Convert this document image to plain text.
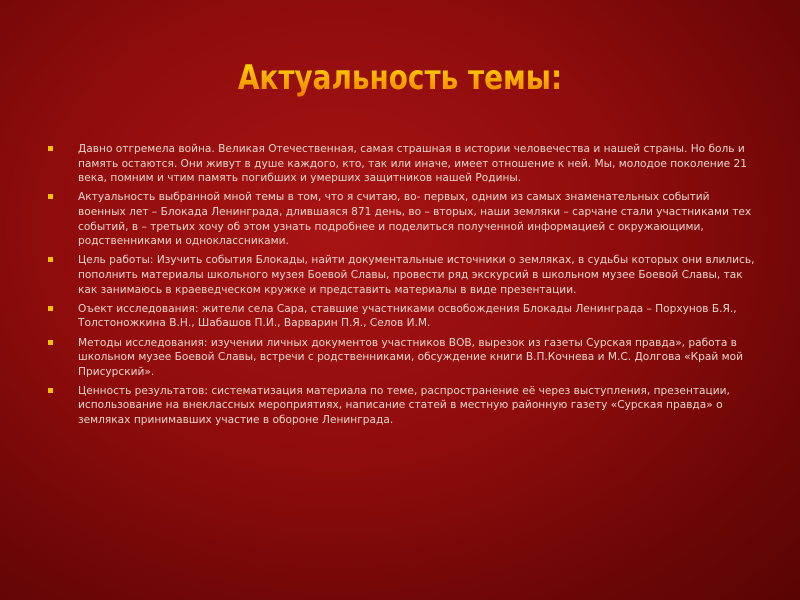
Актуальность темы:
Давно отгремела война. Великая Отечественная, самая страшная в истории человечества и нашей страны. Но боль и память остаются. Они живут в душе каждого, кто, так или иначе, имеет отношение к ней. Мы, молодое поколение 21 века, помним и чтим память погибших и умерших защитников нашей Родины.
Актуальность выбранной мной темы в том, что я считаю, во- первых, одним из самых знаменательных событий военных лет – Блокада Ленинграда, длившаяся 871 день, во – вторых, наши земляки – сарчане стали участниками тех событий, в – третьих хочу об этом узнать подробнее и поделиться полученной информацией с окружающими, родственниками и одноклассниками.
Цель работы: Изучить события Блокады, найти документальные источники о земляках, в судьбы которых они влились, пополнить материалы школьного музея Боевой Славы, провести ряд экскурсий в школьном музее Боевой Славы, так как занимаюсь в краеведческом кружке и представить материалы в виде презентации.
Оъект исследования: жители села Сара, ставшие участниками освобождения Блокады Ленинграда – Порхунов Б.Я., Толстоножкина В.Н., Шабашов П.И., Варварин П.Я., Селов И.М.
Методы исследования: изучении личных документов участников ВОВ, вырезок из газеты Сурская правда», работа в школьном музее Боевой Славы, встречи с родственниками, обсуждение книги В.П.Кочнева и М.С. Долгова «Край мой Присурский».
Ценность результатов: систематизация материала по теме, распространение её через выступления, презентации, использование на внеклассных мероприятиях, написание статей в местную районную газету «Сурская правда» о земляках принимавших участие в обороне Ленинграда.
